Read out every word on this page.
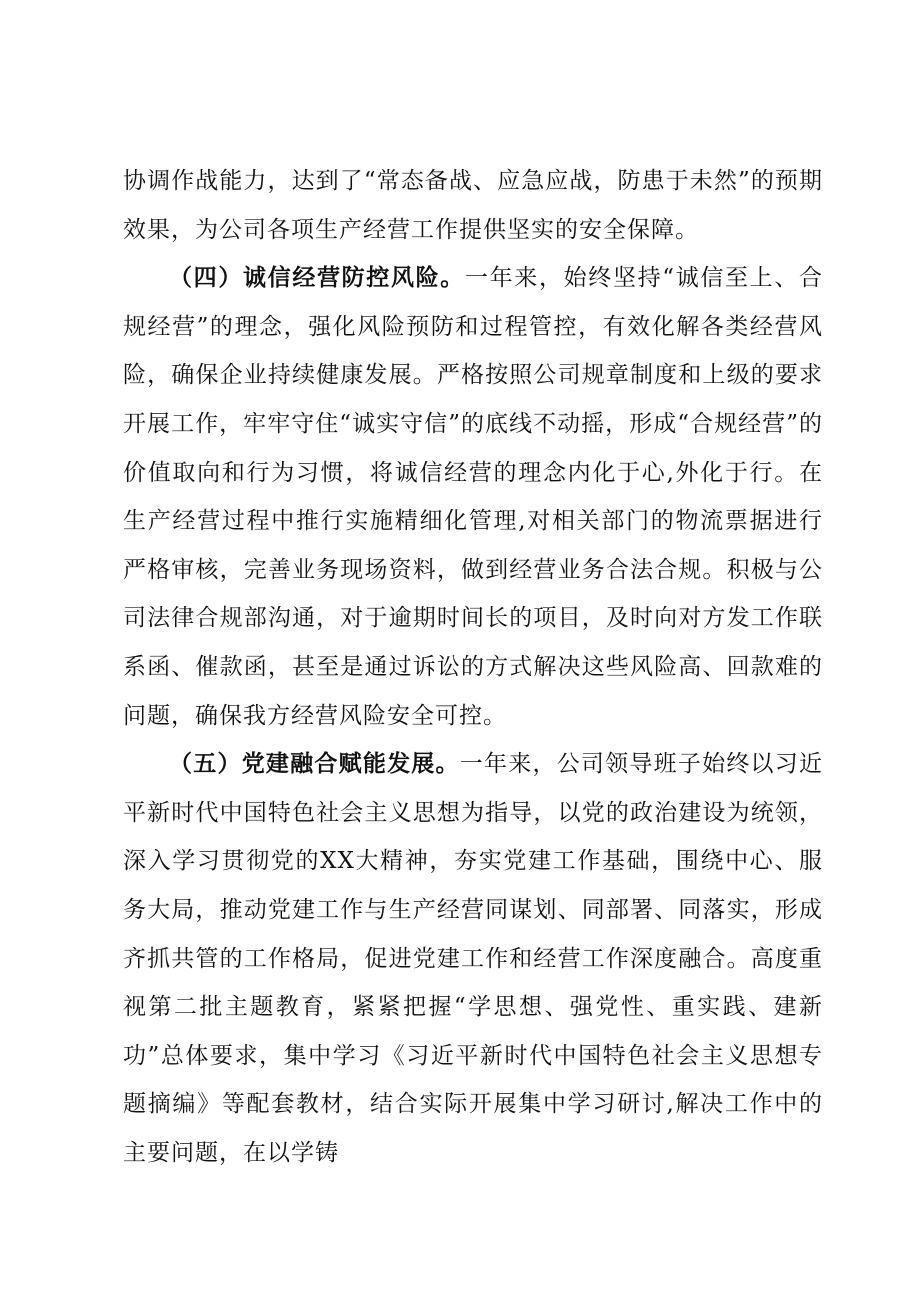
协调作战能力，达到了“常态备战、应急应战，防患于未然”的预期效果，为公司各项生产经营工作提供坚实的安全保障。

（四）诚信经营防控风险。一年来，始终坚持“诚信至上、合规经营”的理念，强化风险预防和过程管控，有效化解各类经营风险，确保企业持续健康发展。严格按照公司规章制度和上级的要求开展工作，牢牢守住“诚实守信”的底线不动摇，形成“合规经营”的价值取向和行为习惯，将诚信经营的理念内化于心,外化于行。在生产经营过程中推行实施精细化管理,对相关部门的物流票据进行严格审核，完善业务现场资料，做到经营业务合法合规。积极与公司法律合规部沟通，对于逾期时间长的项目，及时向对方发工作联系函、催款函，甚至是通过诉讼的方式解决这些风险高、回款难的问题，确保我方经营风险安全可控。

（五）党建融合赋能发展。一年来，公司领导班子始终以习近平新时代中国特色社会主义思想为指导，以党的政治建设为统领，深入学习贯彻党的XX大精神，夯实党建工作基础，围绕中心、服务大局，推动党建工作与生产经营同谋划、同部署、同落实，形成齐抓共管的工作格局，促进党建工作和经营工作深度融合。高度重视第二批主题教育，紧紧把握“学思想、强党性、重实践、建新功”总体要求，集中学习《习近平新时代中国特色社会主义思想专题摘编》等配套教材，结合实际开展集中学习研讨,解决工作中的主要问题，在以学铸
